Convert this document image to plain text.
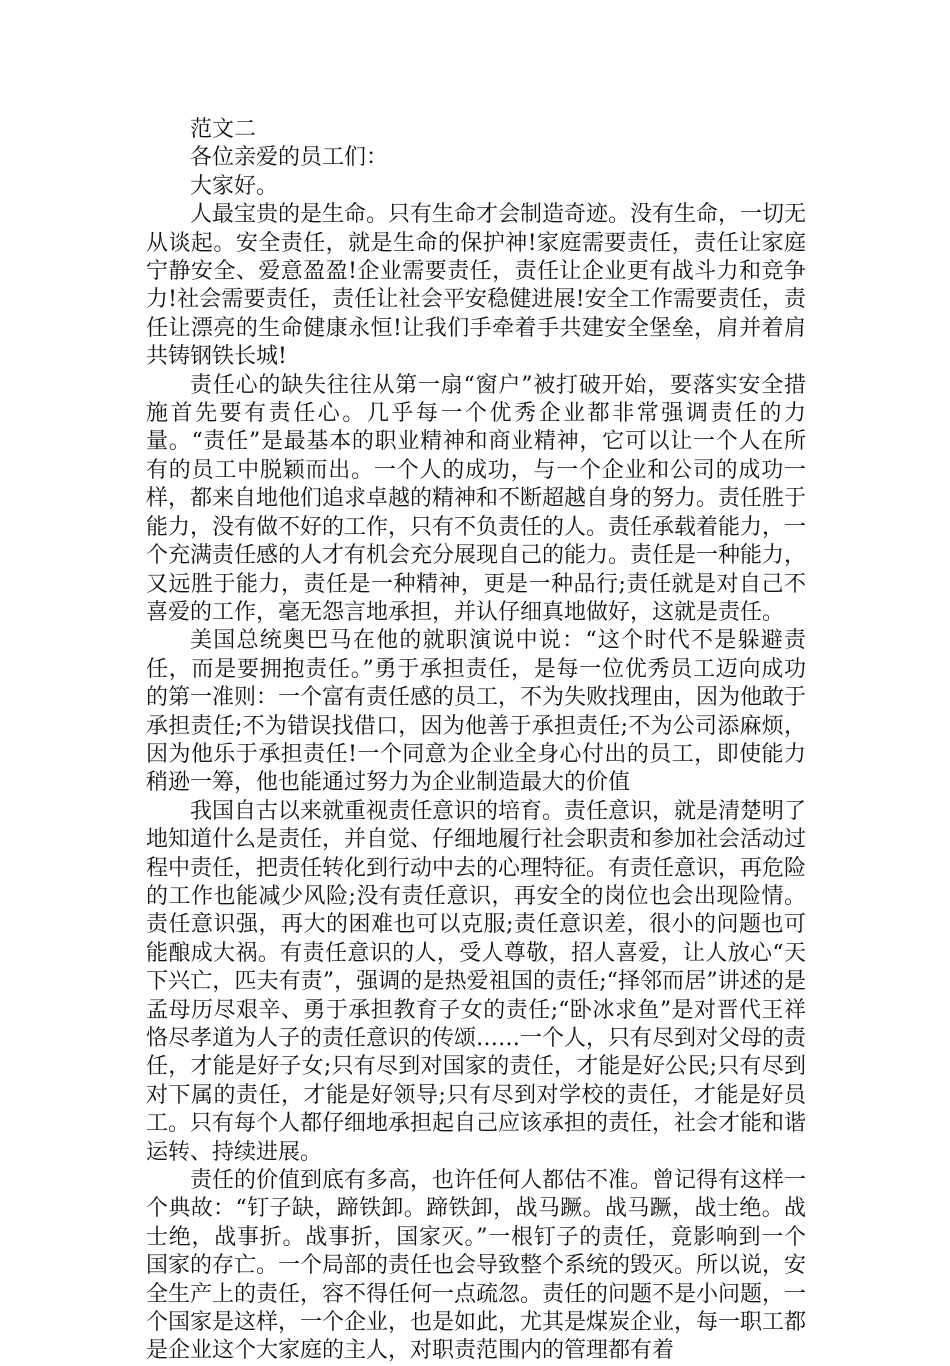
范文二

各位亲爱的员工们：

大家好。

人最宝贵的是生命。只有生命才会制造奇迹。没有生命，一切无从谈起。安全责任，就是生命的保护神!家庭需要责任，责任让家庭宁静安全、爱意盈盈!企业需要责任，责任让企业更有战斗力和竞争力!社会需要责任，责任让社会平安稳健进展!安全工作需要责任，责任让漂亮的生命健康永恒!让我们手牵着手共建安全堡垒，肩并着肩共铸钢铁长城!

责任心的缺失往往从第一扇“窗户”被打破开始，要落实安全措施首先要有责任心。几乎每一个优秀企业都非常强调责任的力量。“责任”是最基本的职业精神和商业精神，它可以让一个人在所有的员工中脱颖而出。一个人的成功，与一个企业和公司的成功一样，都来自地他们追求卓越的精神和不断超越自身的努力。责任胜于能力，没有做不好的工作，只有不负责任的人。责任承载着能力，一个充满责任感的人才有机会充分展现自己的能力。责任是一种能力，又远胜于能力，责任是一种精神，更是一种品行;责任就是对自己不喜爱的工作，毫无怨言地承担，并认仔细真地做好，这就是责任。

美国总统奥巴马在他的就职演说中说：“这个时代不是躲避责任，而是要拥抱责任。”勇于承担责任，是每一位优秀员工迈向成功的第一准则：一个富有责任感的员工，不为失败找理由，因为他敢于承担责任;不为错误找借口，因为他善于承担责任;不为公司添麻烦，因为他乐于承担责任!一个同意为企业全身心付出的员工，即使能力稍逊一筹，他也能通过努力为企业制造最大的价值

我国自古以来就重视责任意识的培育。责任意识，就是清楚明了地知道什么是责任，并自觉、仔细地履行社会职责和参加社会活动过程中责任，把责任转化到行动中去的心理特征。有责任意识，再危险的工作也能减少风险;没有责任意识，再安全的岗位也会出现险情。责任意识强，再大的困难也可以克服;责任意识差，很小的问题也可能酿成大祸。有责任意识的人，受人尊敬，招人喜爱，让人放心“天下兴亡，匹夫有责”，强调的是热爱祖国的责任;“择邻而居”讲述的是孟母历尽艰辛、勇于承担教育子女的责任;“卧冰求鱼”是对晋代王祥恪尽孝道为人子的责任意识的传颂……一个人，只有尽到对父母的责任，才能是好子女;只有尽到对国家的责任，才能是好公民;只有尽到对下属的责任，才能是好领导;只有尽到对学校的责任，才能是好员工。只有每个人都仔细地承担起自己应该承担的责任，社会才能和谐运转、持续进展。

责任的价值到底有多高，也许任何人都估不准。曾记得有这样一个典故：“钉子缺，蹄铁卸。蹄铁卸，战马蹶。战马蹶，战士绝。战士绝，战事折。战事折，国家灭。”一根钉子的责任，竟影响到一个国家的存亡。一个局部的责任也会导致整个系统的毁灭。所以说，安全生产上的责任，容不得任何一点疏忽。责任的问题不是小问题，一个国家是这样，一个企业，也是如此，尤其是煤炭企业，每一职工都是企业这个大家庭的主人，对职责范围内的管理都有着
